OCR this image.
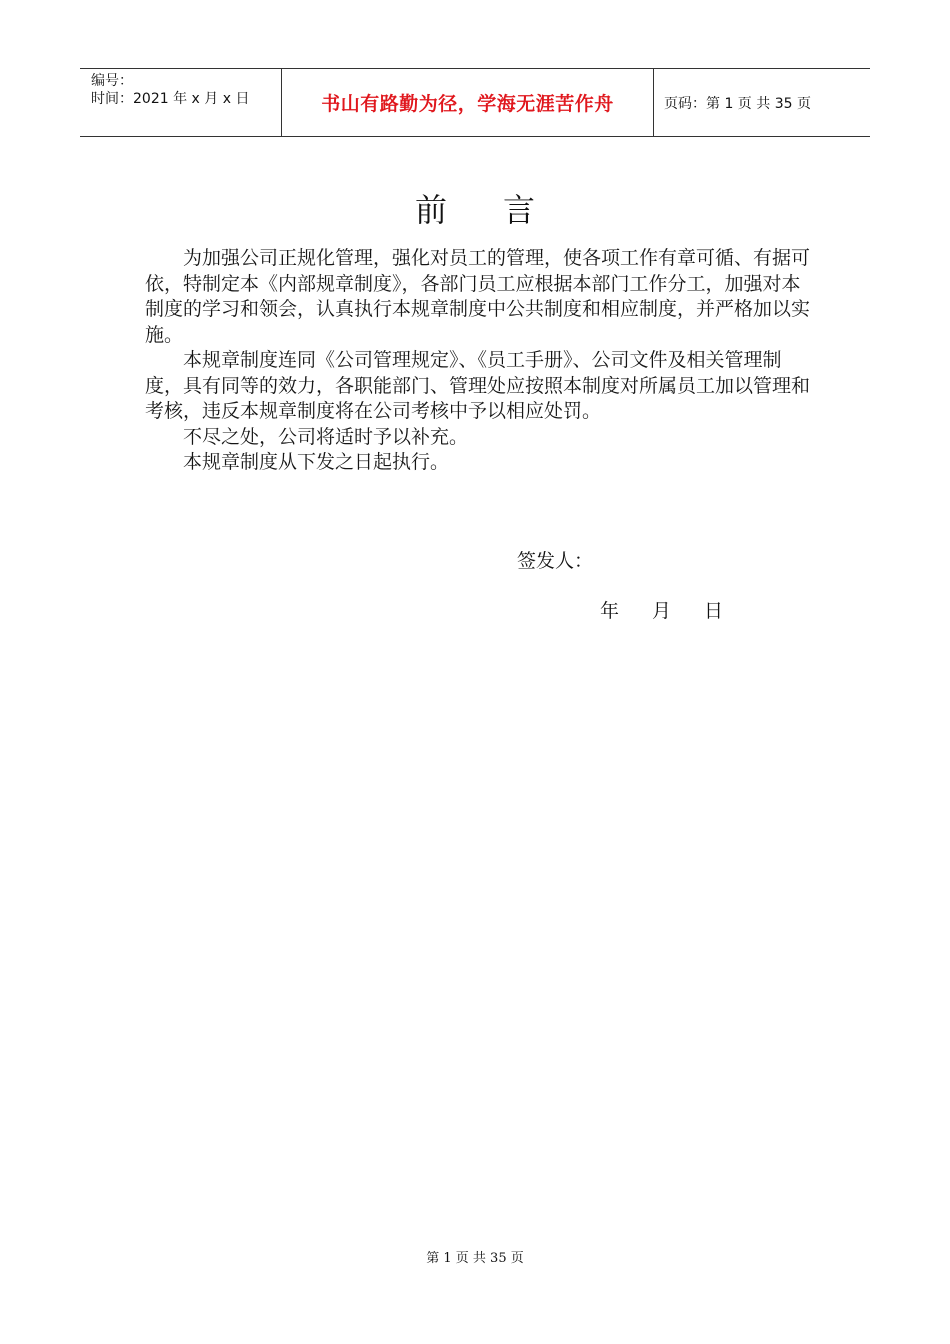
编号：
时间：2021 年 x 月 x 日	书山有路勤为径，学海无涯苦作舟	页码：第 1 页 共 35 页
前 言

为加强公司正规化管理，强化对员工的管理，使各项工作有章可循、有据可依，特制定本《内部规章制度》，各部门员工应根据本部门工作分工，加强对本制度的学习和领会，认真执行本规章制度中公共制度和相应制度，并严格加以实施。

本规章制度连同《公司管理规定》、《员工手册》、公司文件及相关管理制度，具有同等的效力，各职能部门、管理处应按照本制度对所属员工加以管理和考核，违反本规章制度将在公司考核中予以相应处罚。

不尽之处，公司将适时予以补充。

本规章制度从下发之日起执行。

签发人：
年 月 日
第 1 页 共 35 页
